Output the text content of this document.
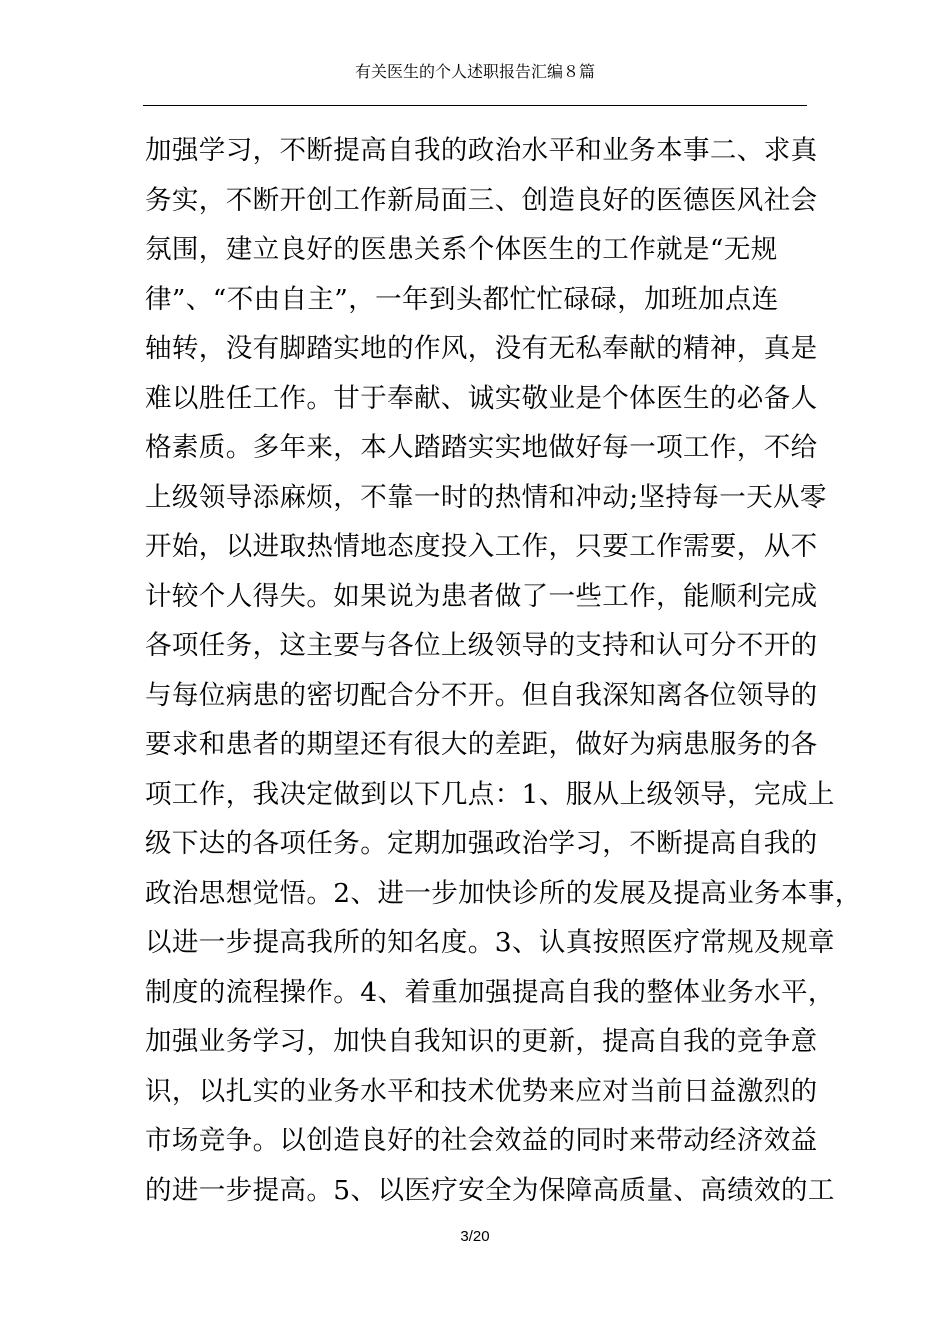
有关医生的个人述职报告汇编８篇
加强学习，不断提高自我的政治水平和业务本事二、求真
务实，不断开创工作新局面三、创造良好的医德医风社会
氛围，建立良好的医患关系个体医生的工作就是“无规
律”、“不由自主”，一年到头都忙忙碌碌，加班加点连
轴转，没有脚踏实地的作风，没有无私奉献的精神，真是
难以胜任工作。甘于奉献、诚实敬业是个体医生的必备人
格素质。多年来，本人踏踏实实地做好每一项工作，不给
上级领导添麻烦，不靠一时的热情和冲动;坚持每一天从零
开始，以进取热情地态度投入工作，只要工作需要，从不
计较个人得失。如果说为患者做了一些工作，能顺利完成
各项任务，这主要与各位上级领导的支持和认可分不开的
与每位病患的密切配合分不开。但自我深知离各位领导的
要求和患者的期望还有很大的差距，做好为病患服务的各
项工作，我决定做到以下几点：1、服从上级领导，完成上
级下达的各项任务。定期加强政治学习，不断提高自我的
政治思想觉悟。2、进一步加快诊所的发展及提高业务本事，
以进一步提高我所的知名度。3、认真按照医疗常规及规章
制度的流程操作。4、着重加强提高自我的整体业务水平，
加强业务学习，加快自我知识的更新，提高自我的竞争意
识，以扎实的业务水平和技术优势来应对当前日益激烈的
市场竞争。以创造良好的社会效益的同时来带动经济效益
的进一步提高。5、以医疗安全为保障高质量、高绩效的工
3/20
